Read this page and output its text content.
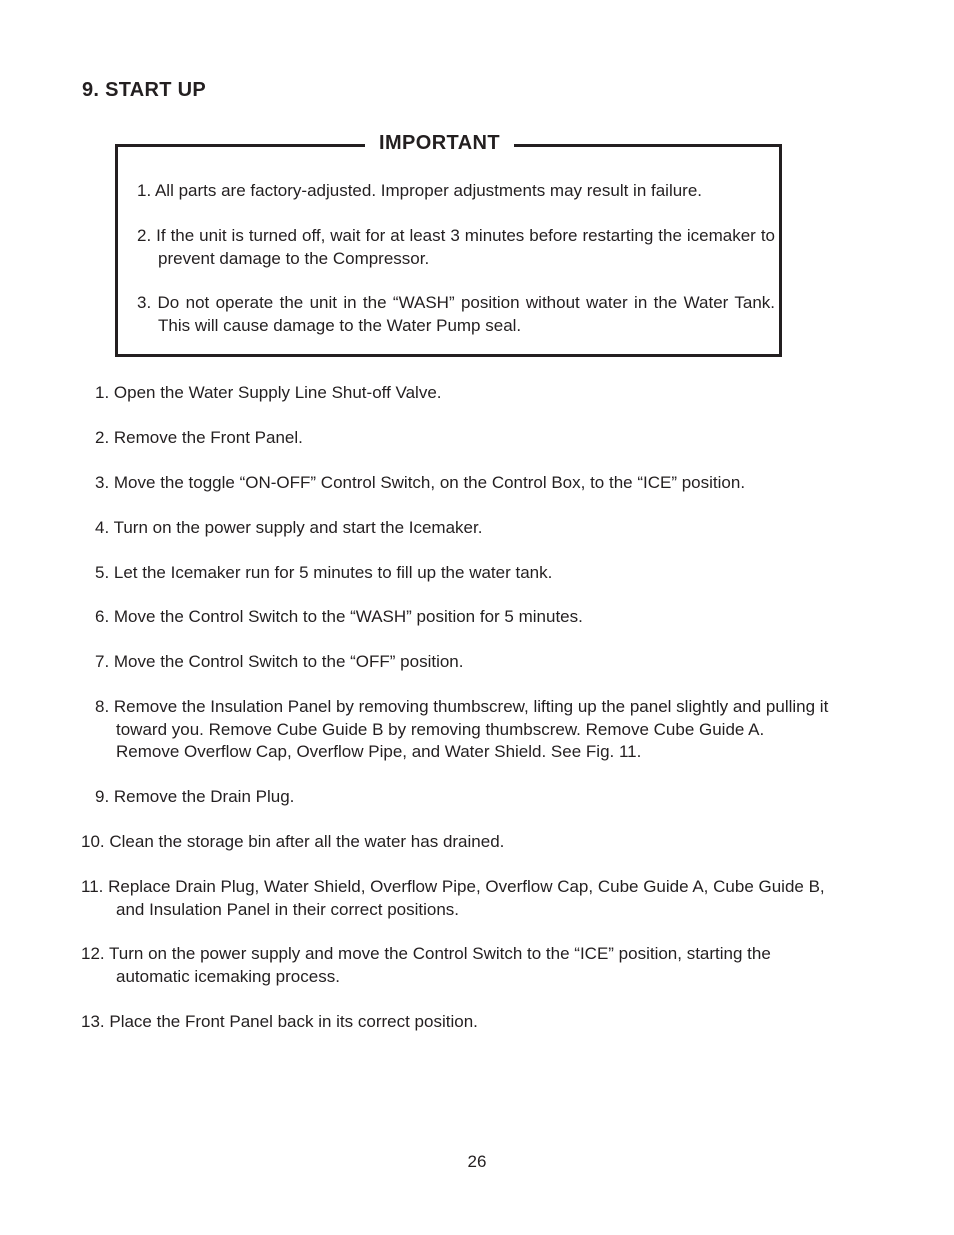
9. START UP
IMPORTANT
1. All parts are factory-adjusted. Improper adjustments may result in failure.
2. If the unit is turned off, wait for at least 3 minutes before restarting the icemaker to prevent damage to the Compressor.
3. Do not operate the unit in the “WASH” position without water in the Water Tank. This will cause damage to the Water Pump seal.
1. Open the Water Supply Line Shut-off Valve.
2. Remove the Front Panel.
3. Move the toggle “ON-OFF” Control Switch, on the Control Box, to the “ICE” position.
4. Turn on the power supply and start the Icemaker.
5. Let the Icemaker run for 5 minutes to fill up the water tank.
6. Move the Control Switch to the “WASH” position for 5 minutes.
7. Move the Control Switch to the “OFF” position.
8. Remove the Insulation Panel by removing thumbscrew, lifting up the panel slightly and pulling it toward you. Remove Cube Guide B by removing thumbscrew. Remove Cube Guide A. Remove Overflow Cap, Overflow Pipe, and Water Shield. See Fig. 11.
9. Remove the Drain Plug.
10. Clean the storage bin after all the water has drained.
11. Replace Drain Plug, Water Shield, Overflow Pipe, Overflow Cap, Cube Guide A, Cube Guide B, and Insulation Panel in their correct positions.
12. Turn on the power supply and move the Control Switch to the “ICE” position, starting the automatic icemaking process.
13. Place the Front Panel back in its correct position.
26
